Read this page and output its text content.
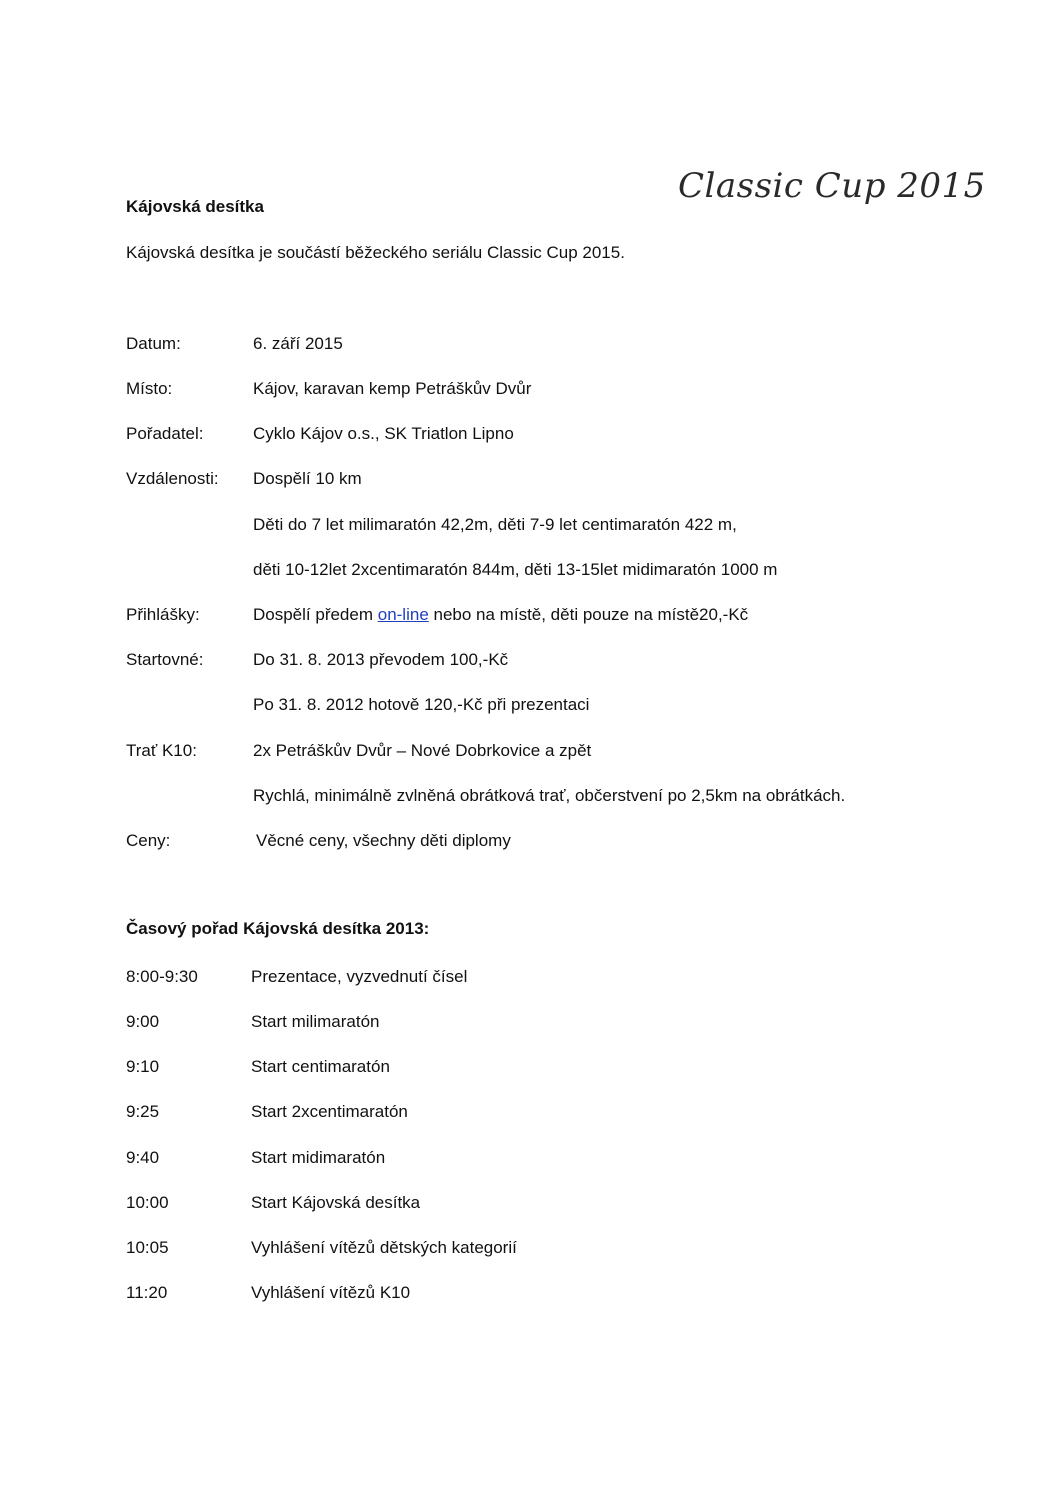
Classic Cup 2015
Kájovská desítka
Kájovská desítka je součástí běžeckého seriálu Classic Cup 2015.
Datum:	6. září 2015
Místo:	Kájov, karavan kemp Petráškův Dvůr
Pořadatel:	Cyklo Kájov o.s., SK Triatlon Lipno
Vzdálenosti: Dospělí 10 km
Děti do 7 let milimaratón 42,2m, děti 7-9 let centimaratón 422 m,
děti 10-12let 2xcentimaratón 844m, děti 13-15let midimaratón 1000 m
Přihlášky:	Dospělí předem on-line nebo na místě, děti pouze na místě20,-Kč
Startovné:	Do 31. 8. 2013 převodem 100,-Kč
Po 31. 8. 2012 hotově 120,-Kč při prezentaci
Trať K10:	2x Petráškův Dvůr – Nové Dobrkovice a zpět
Rychlá, minimálně zvlněná obrátková trať, občerstvení po 2,5km na obrátkách.
Ceny:	Věcné ceny, všechny děti diplomy
Časový pořad Kájovská desítka 2013:
8:00-9:30	Prezentace, vyzvednutí čísel
9:00	Start milimaratón
9:10	Start centimaratón
9:25	Start 2xcentimaratón
9:40	Start midimaratón
10:00	Start Kájovská desítka
10:05	Vyhlášení vítězů dětských kategorií
11:20	Vyhlášení vítězů K10
